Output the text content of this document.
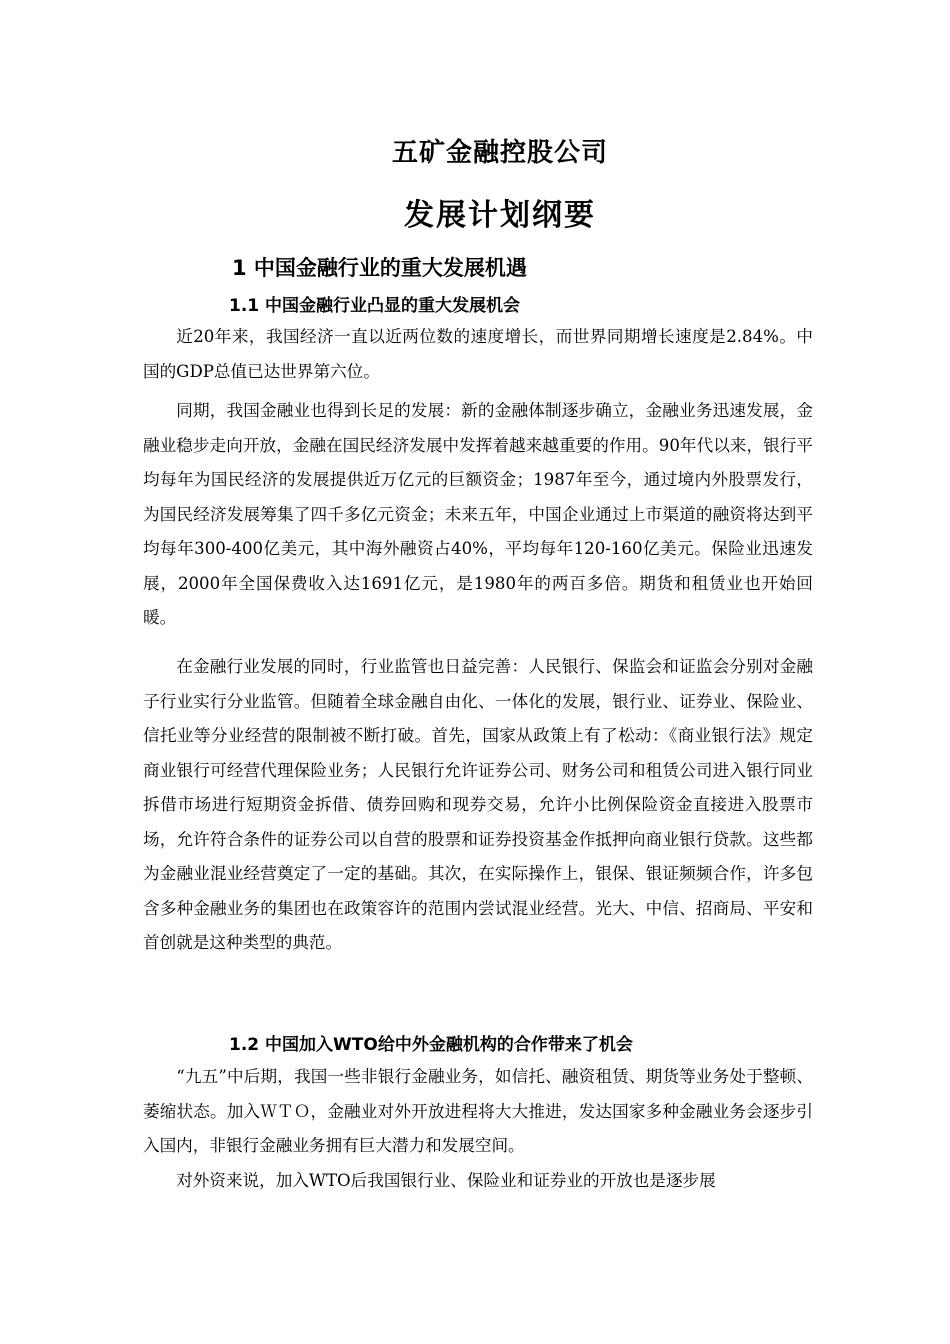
五矿金融控股公司
发展计划纲要
1 中国金融行业的重大发展机遇
1.1 中国金融行业凸显的重大发展机会

近20年来，我国经济一直以近两位数的速度增长，而世界同期增长速度是2.84%。中国的GDP总值已达世界第六位。

同期，我国金融业也得到长足的发展：新的金融体制逐步确立，金融业务迅速发展，金融业稳步走向开放，金融在国民经济发展中发挥着越来越重要的作用。90年代以来，银行平均每年为国民经济的发展提供近万亿元的巨额资金；1987年至今，通过境内外股票发行，为国民经济发展筹集了四千多亿元资金；未来五年，中国企业通过上市渠道的融资将达到平均每年300-400亿美元，其中海外融资占40%，平均每年120-160亿美元。保险业迅速发展，2000年全国保费收入达1691亿元，是1980年的两百多倍。期货和租赁业也开始回暖。

在金融行业发展的同时，行业监管也日益完善：人民银行、保监会和证监会分别对金融子行业实行分业监管。但随着全球金融自由化、一体化的发展，银行业、证券业、保险业、信托业等分业经营的限制被不断打破。首先，国家从政策上有了松动：《商业银行法》规定商业银行可经营代理保险业务；人民银行允许证券公司、财务公司和租赁公司进入银行同业拆借市场进行短期资金拆借、债券回购和现券交易，允许小比例保险资金直接进入股票市场，允许符合条件的证券公司以自营的股票和证券投资基金作抵押向商业银行贷款。这些都为金融业混业经营奠定了一定的基础。其次，在实际操作上，银保、银证频频合作，许多包含多种金融业务的集团也在政策容许的范围内尝试混业经营。光大、中信、招商局、平安和首创就是这种类型的典范。

1.2 中国加入WTO给中外金融机构的合作带来了机会

“九五”中后期，我国一些非银行金融业务，如信托、融资租赁、期货等业务处于整顿、萎缩状态。加入ＷＴＯ，金融业对外开放进程将大大推进，发达国家多种金融业务会逐步引入国内，非银行金融业务拥有巨大潜力和发展空间。

对外资来说，加入WTO后我国银行业、保险业和证券业的开放也是逐步展
